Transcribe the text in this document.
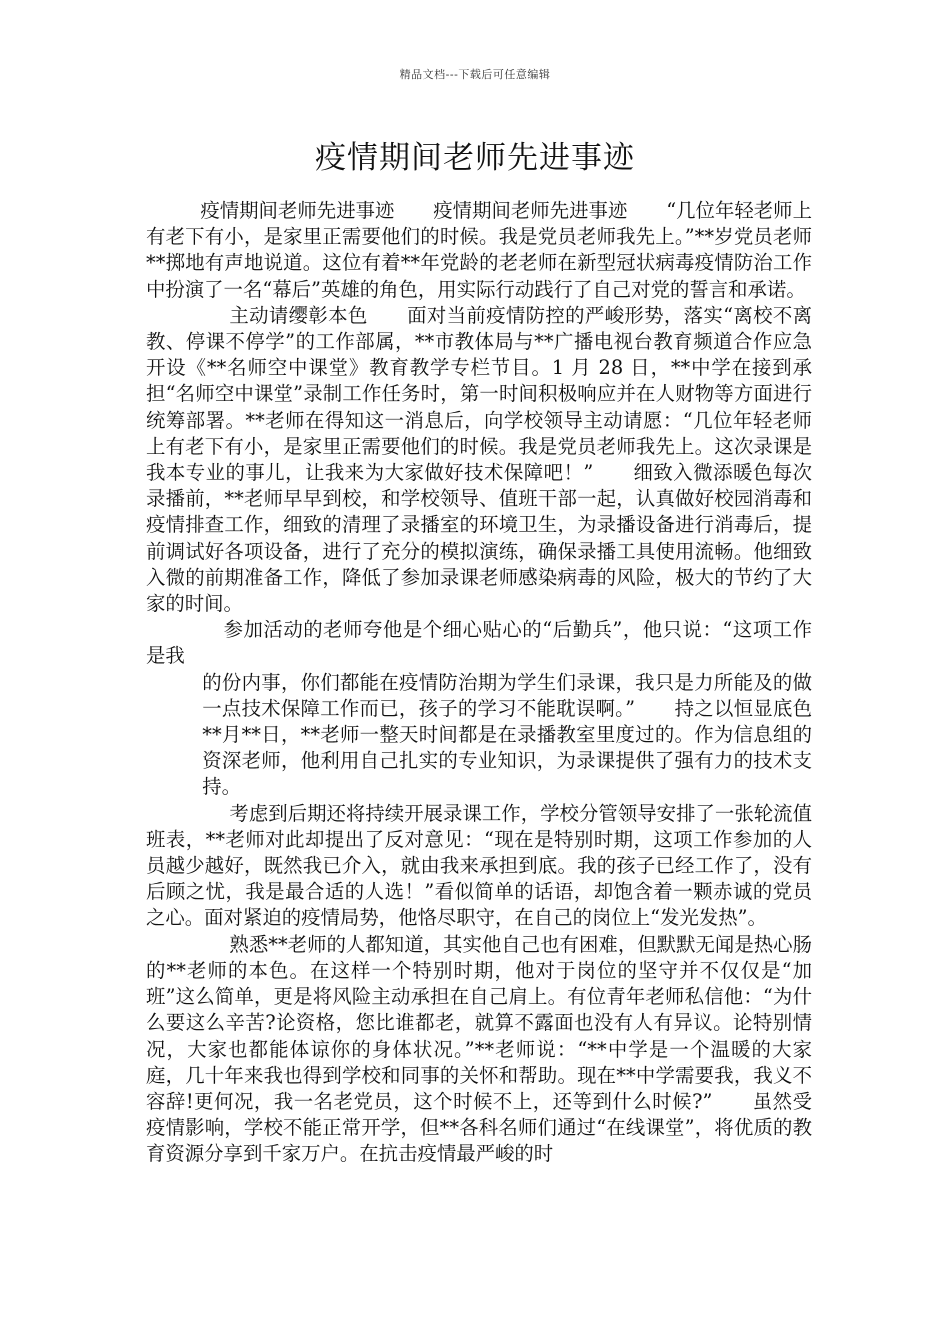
精品文档---下载后可任意编辑
疫情期间老师先进事迹

疫情期间老师先进事迹　　疫情期间老师先进事迹　　“几位年轻老师上有老下有小，是家里正需要他们的时候。我是党员老师我先上。”**岁党员老师**掷地有声地说道。这位有着**年党龄的老老师在新型冠状病毒疫情防治工作中扮演了一名“幕后”英雄的角色，用实际行动践行了自己对党的誓言和承诺。

主动请缨彰本色　　面对当前疫情防控的严峻形势，落实“离校不离教、停课不停学”的工作部属，**市教体局与**广播电视台教育频道合作应急开设《**名师空中课堂》教育教学专栏节目。1 月 28 日，**中学在接到承担“名师空中课堂”录制工作任务时，第一时间积极响应并在人财物等方面进行统筹部署。**老师在得知这一消息后，向学校领导主动请愿：“几位年轻老师上有老下有小，是家里正需要他们的时候。我是党员老师我先上。这次录课是我本专业的事儿，让我来为大家做好技术保障吧！”　　细致入微添暖色每次录播前，**老师早早到校，和学校领导、值班干部一起，认真做好校园消毒和疫情排查工作，细致的清理了录播室的环境卫生，为录播设备进行消毒后，提前调试好各项设备，进行了充分的模拟演练，确保录播工具使用流畅。他细致入微的前期准备工作，降低了参加录课老师感染病毒的风险，极大的节约了大家的时间。

参加活动的老师夸他是个细心贴心的“后勤兵”，他只说：“这项工作是我

的份内事，你们都能在疫情防治期为学生们录课，我只是力所能及的做一点技术保障工作而已，孩子的学习不能耽误啊。”　　持之以恒显底色　　**月**日，**老师一整天时间都是在录播教室里度过的。作为信息组的资深老师，他利用自己扎实的专业知识，为录课提供了强有力的技术支持。

考虑到后期还将持续开展录课工作，学校分管领导安排了一张轮流值班表，**老师对此却提出了反对意见：“现在是特别时期，这项工作参加的人员越少越好，既然我已介入，就由我来承担到底。我的孩子已经工作了，没有后顾之忧，我是最合适的人选！”看似简单的话语，却饱含着一颗赤诚的党员之心。面对紧迫的疫情局势，他恪尽职守，在自己的岗位上“发光发热”。

熟悉**老师的人都知道，其实他自己也有困难，但默默无闻是热心肠的**老师的本色。在这样一个特别时期，他对于岗位的坚守并不仅仅是“加班”这么简单，更是将风险主动承担在自己肩上。有位青年老师私信他：“为什么要这么辛苦?论资格，您比谁都老，就算不露面也没有人有异议。论特别情况，大家也都能体谅你的身体状况。”**老师说：“**中学是一个温暖的大家庭，几十年来我也得到学校和同事的关怀和帮助。现在**中学需要我，我义不容辞!更何况，我一名老党员，这个时候不上，还等到什么时候?”　　虽然受疫情影响，学校不能正常开学，但**各科名师们通过“在线课堂”，将优质的教育资源分享到千家万户。在抗击疫情最严峻的时
